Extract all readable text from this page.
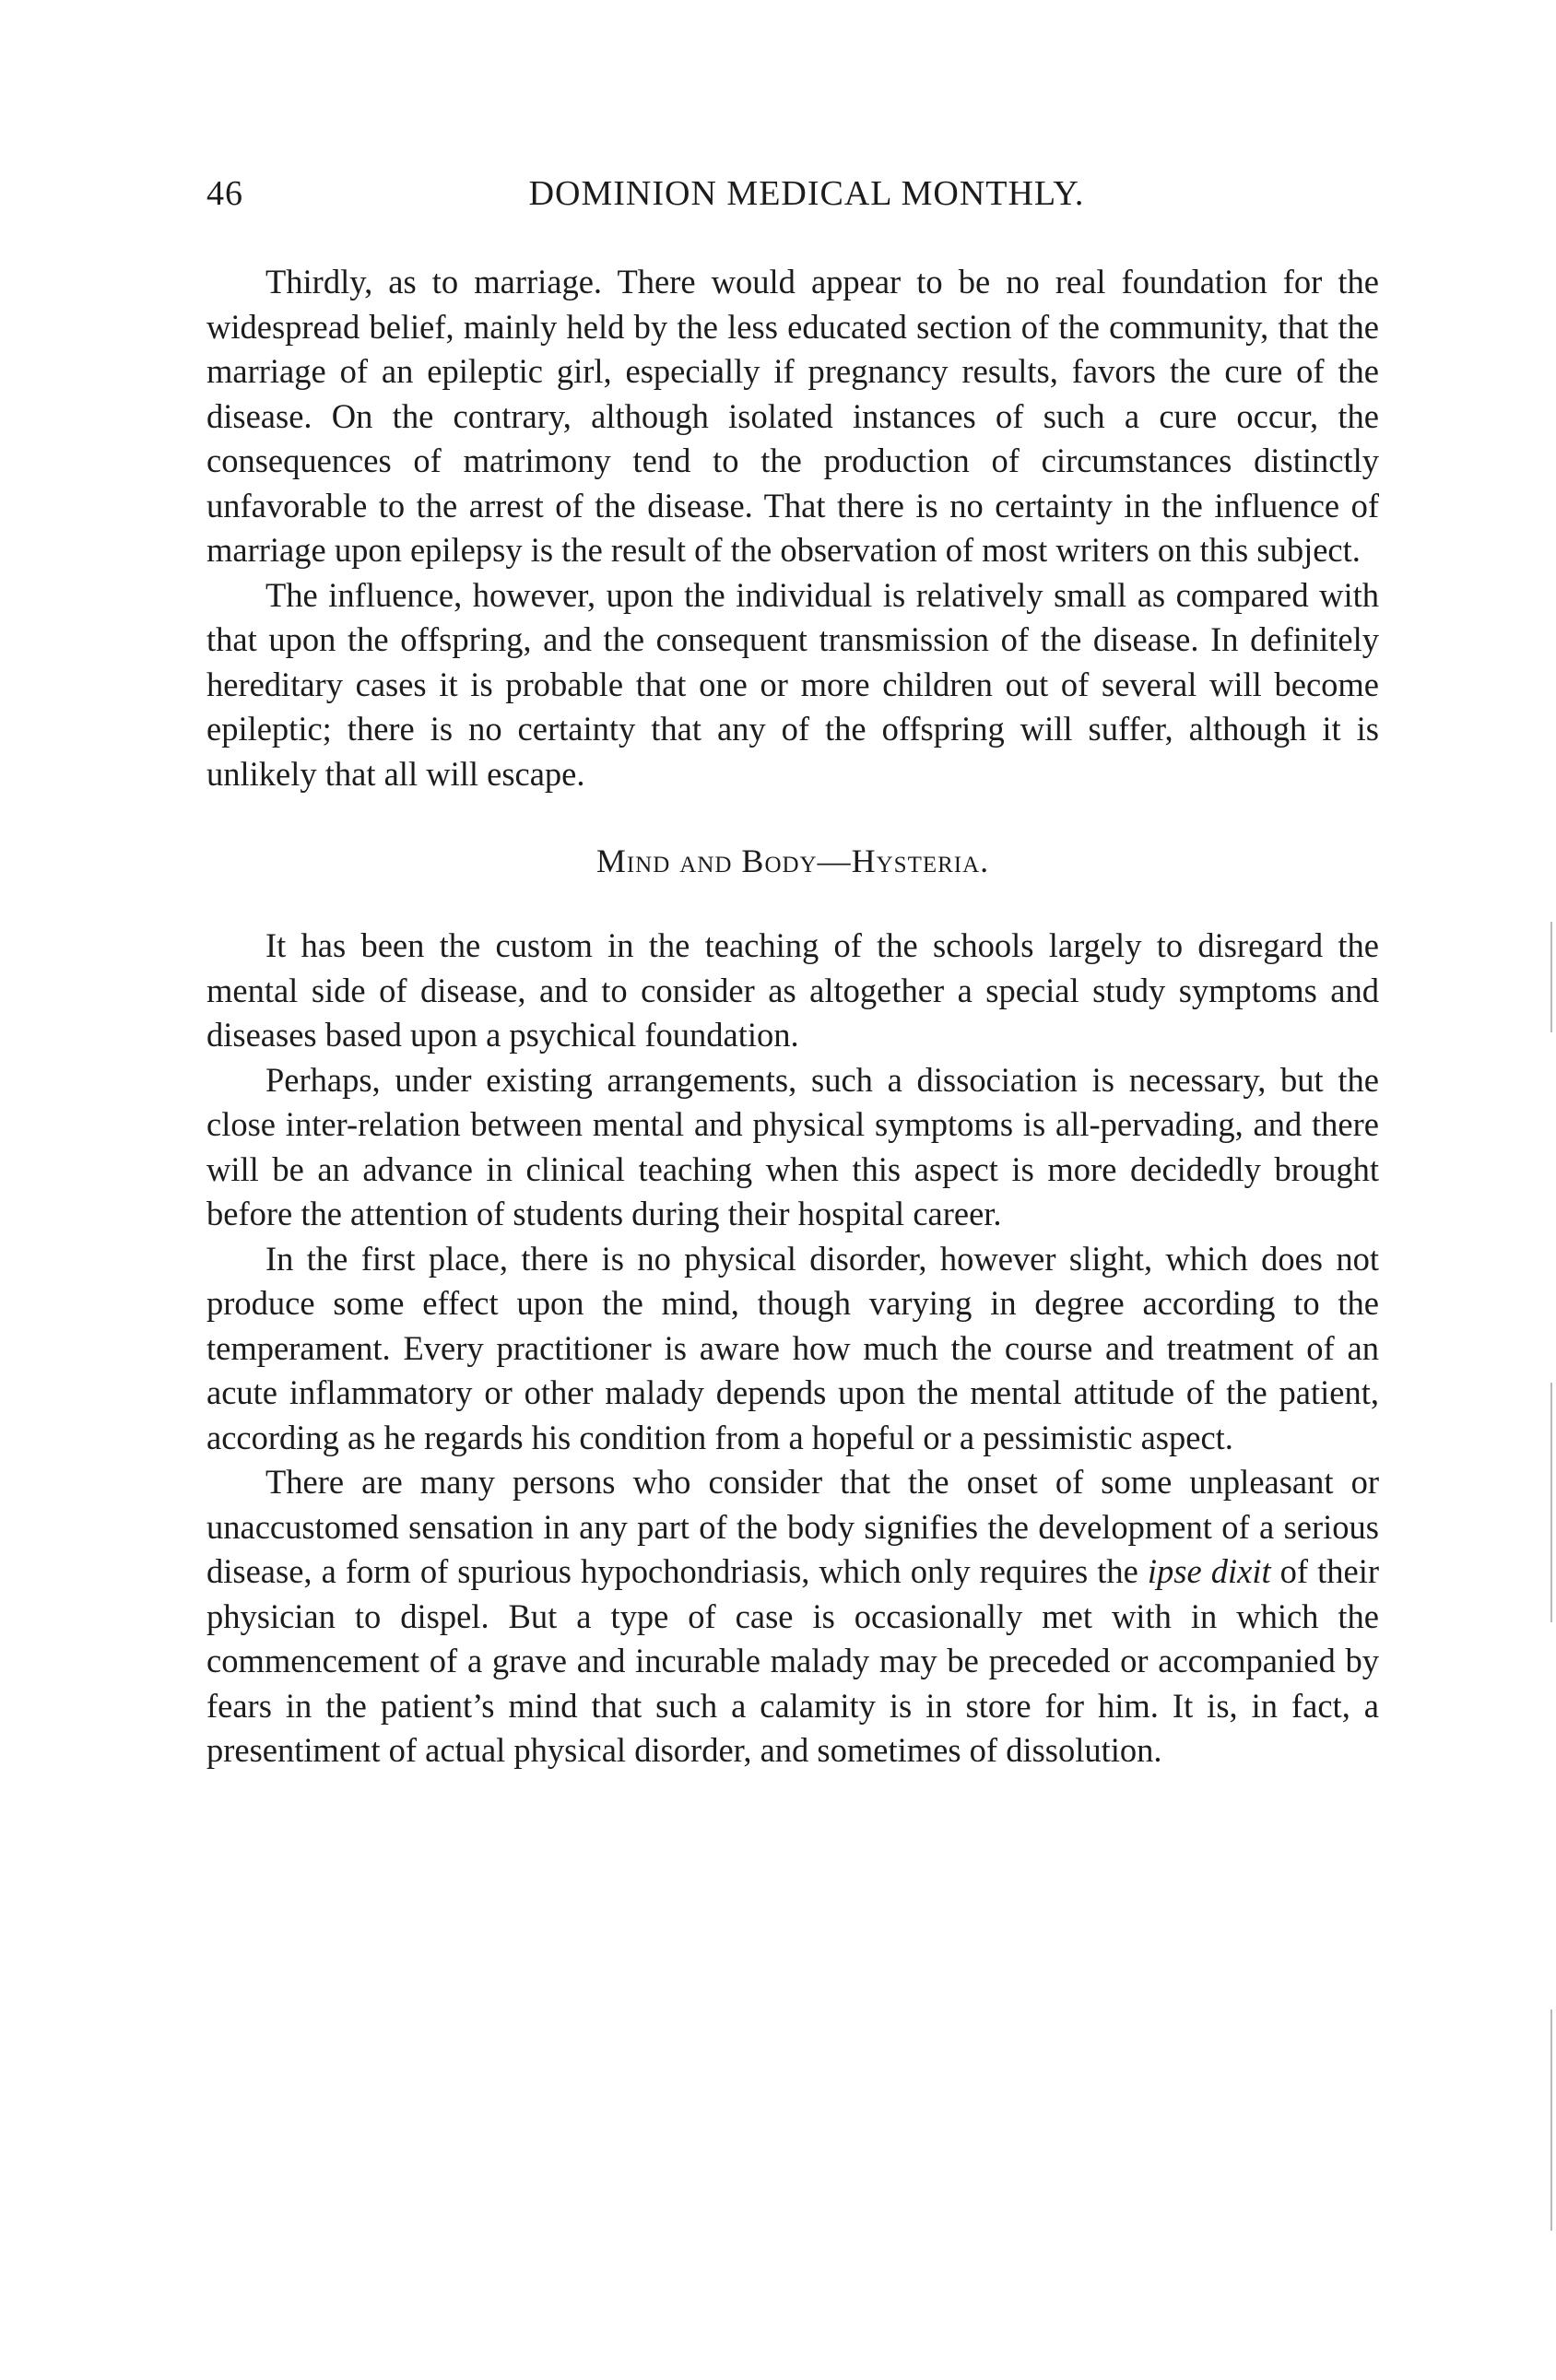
46	DOMINION MEDICAL MONTHLY.

Thirdly, as to marriage. There would appear to be no real foundation for the widespread belief, mainly held by the less educated section of the community, that the marriage of an epileptic girl, especially if pregnancy results, favors the cure of the disease. On the contrary, although isolated instances of such a cure occur, the consequences of matrimony tend to the production of circumstances distinctly unfavorable to the arrest of the disease. That there is no certainty in the influence of marriage upon epilepsy is the result of the observation of most writers on this subject.

The influence, however, upon the individual is relatively small as compared with that upon the offspring, and the consequent transmission of the disease. In definitely hereditary cases it is probable that one or more children out of several will become epileptic; there is no certainty that any of the offspring will suffer, although it is unlikely that all will escape.

Mind and Body—Hysteria.

It has been the custom in the teaching of the schools largely to disregard the mental side of disease, and to consider as altogether a special study symptoms and diseases based upon a psychical foundation.

Perhaps, under existing arrangements, such a dissociation is necessary, but the close inter-relation between mental and physical symptoms is all-pervading, and there will be an advance in clinical teaching when this aspect is more decidedly brought before the attention of students during their hospital career.

In the first place, there is no physical disorder, however slight, which does not produce some effect upon the mind, though varying in degree according to the temperament. Every practitioner is aware how much the course and treatment of an acute inflammatory or other malady depends upon the mental attitude of the patient, according as he regards his condition from a hopeful or a pessimistic aspect.

There are many persons who consider that the onset of some unpleasant or unaccustomed sensation in any part of the body signifies the development of a serious disease, a form of spurious hypochondriasis, which only requires the ipse dixit of their physician to dispel. But a type of case is occasionally met with in which the commencement of a grave and incurable malady may be preceded or accompanied by fears in the patient’s mind that such a calamity is in store for him. It is, in fact, a presentiment of actual physical disorder, and sometimes of dissolution.
